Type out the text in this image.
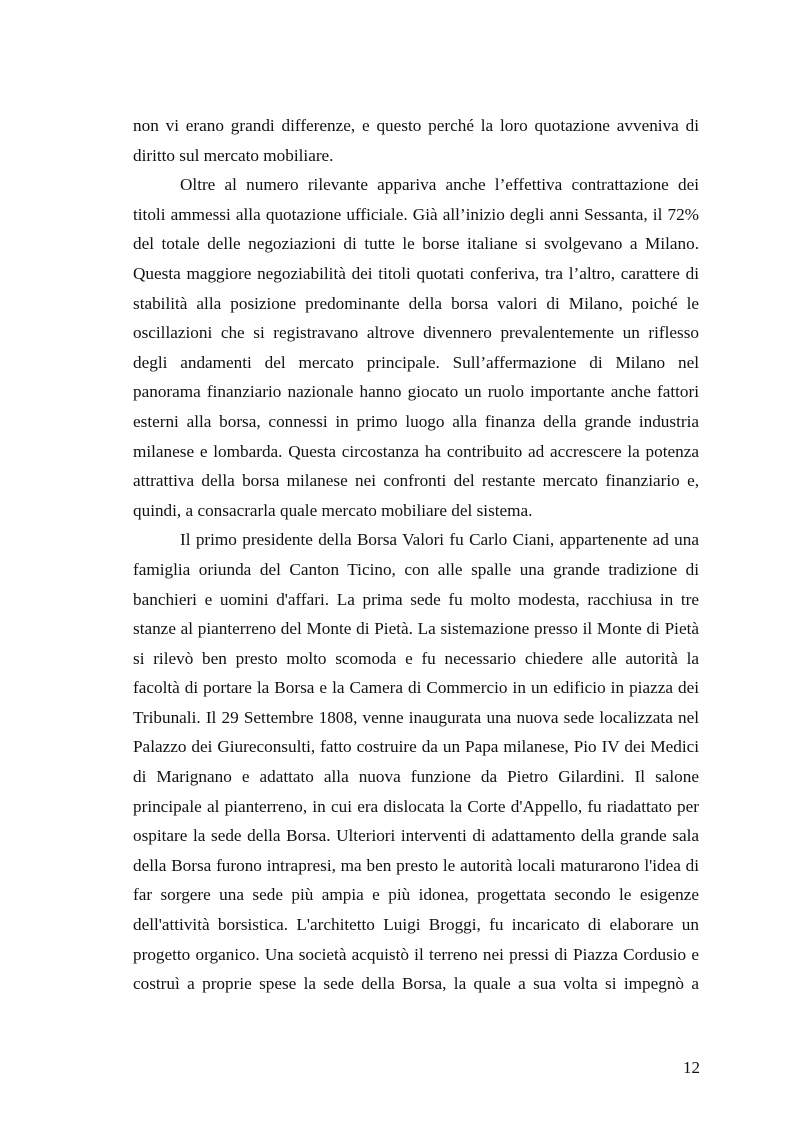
non vi erano grandi differenze, e questo perché la loro quotazione avveniva di
diritto sul mercato mobiliare.

Oltre al numero rilevante appariva anche l’effettiva contrattazione dei
titoli ammessi alla quotazione ufficiale. Già all’inizio degli anni Sessanta, il 72%
del totale delle negoziazioni di tutte le borse italiane si svolgevano a Milano.
Questa maggiore negoziabilità dei titoli quotati conferiva, tra l’altro, carattere di
stabilità alla posizione predominante della borsa valori di Milano, poiché le
oscillazioni che si registravano altrove divennero prevalentemente un riflesso
degli andamenti del mercato principale. Sull’affermazione di Milano nel
panorama finanziario nazionale hanno giocato un ruolo importante anche fattori
esterni alla borsa, connessi in primo luogo alla finanza della grande industria
milanese e lombarda. Questa circostanza ha contribuito ad accrescere la potenza
attrattiva della borsa milanese nei confronti del restante mercato finanziario e,
quindi, a consacrarla quale mercato mobiliare del sistema.

Il primo presidente della Borsa Valori fu Carlo Ciani, appartenente ad una
famiglia oriunda del Canton Ticino, con alle spalle una grande tradizione di
banchieri e uomini d'affari. La prima sede fu molto modesta, racchiusa in tre
stanze al pianterreno del Monte di Pietà. La sistemazione presso il Monte di Pietà
si rilevò ben presto molto scomoda e fu necessario chiedere alle autorità la
facoltà di portare la Borsa e la Camera di Commercio in un edificio in piazza dei
Tribunali. Il 29 Settembre 1808, venne inaugurata una nuova sede localizzata nel
Palazzo dei Giureconsulti, fatto costruire da un Papa milanese, Pio IV dei Medici
di Marignano e adattato alla nuova funzione da Pietro Gilardini. Il salone
principale al pianterreno, in cui era dislocata la Corte d'Appello, fu riadattato per
ospitare la sede della Borsa. Ulteriori interventi di adattamento della grande sala
della Borsa furono intrapresi, ma ben presto le autorità locali maturarono l'idea di
far sorgere una sede più ampia e più idonea, progettata secondo le esigenze
dell'attività borsistica. L'architetto Luigi Broggi, fu incaricato di elaborare un
progetto organico. Una società acquistò il terreno nei pressi di Piazza Cordusio e
costruì a proprie spese la sede della Borsa, la quale a sua volta si impegnò a

12
